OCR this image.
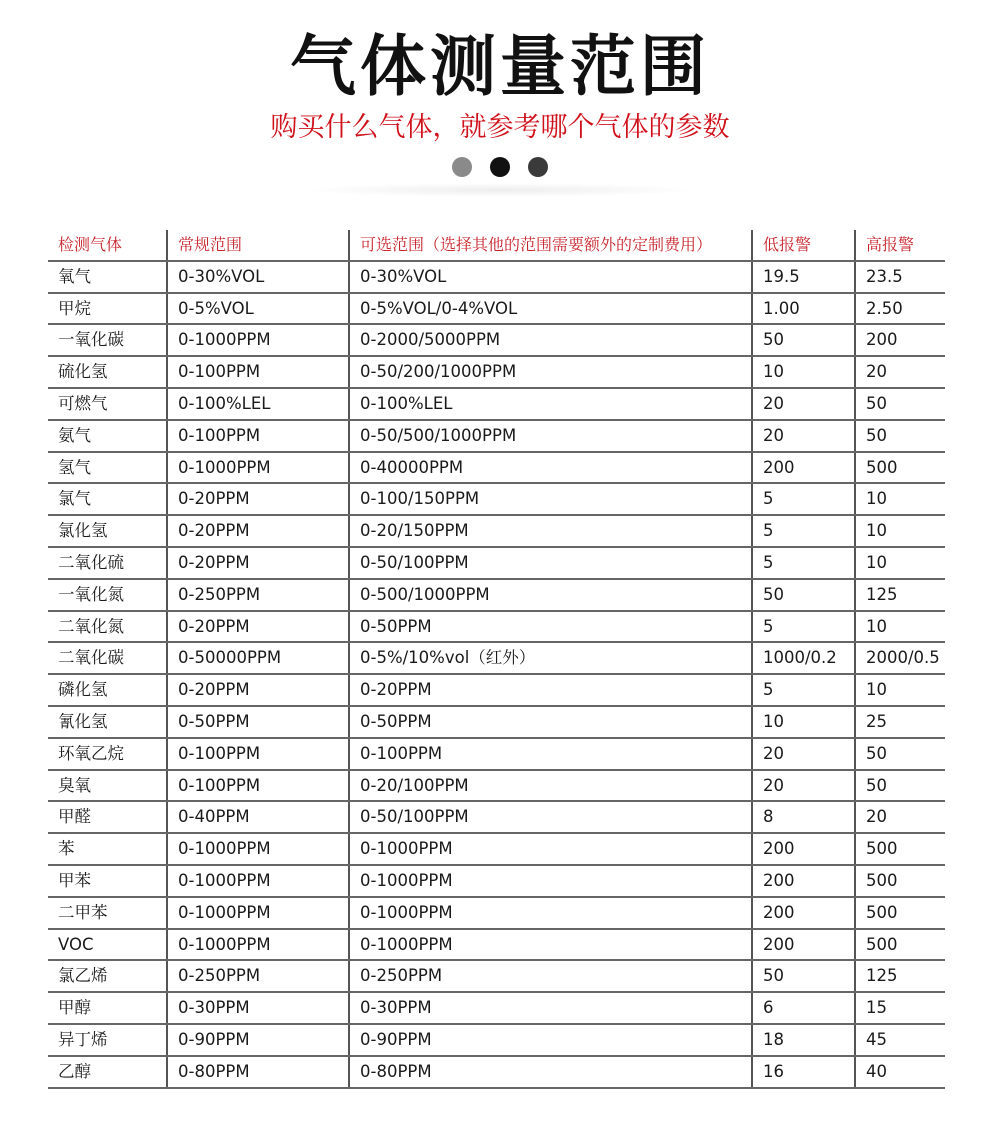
气体测量范围
购买什么气体，就参考哪个气体的参数
检测气体	常规范围	可选范围（选择其他的范围需要额外的定制费用）	低报警	高报警
氧气	0-30%VOL	0-30%VOL	19.5	23.5
甲烷	0-5%VOL	0-5%VOL/0-4%VOL	1.00	2.50
一氧化碳	0-1000PPM	0-2000/5000PPM	50	200
硫化氢	0-100PPM	0-50/200/1000PPM	10	20
可燃气	0-100%LEL	0-100%LEL	20	50
氨气	0-100PPM	0-50/500/1000PPM	20	50
氢气	0-1000PPM	0-40000PPM	200	500
氯气	0-20PPM	0-100/150PPM	5	10
氯化氢	0-20PPM	0-20/150PPM	5	10
二氧化硫	0-20PPM	0-50/100PPM	5	10
一氧化氮	0-250PPM	0-500/1000PPM	50	125
二氧化氮	0-20PPM	0-50PPM	5	10
二氧化碳	0-50000PPM	0-5%/10%vol（红外）	1000/0.2	2000/0.5
磷化氢	0-20PPM	0-20PPM	5	10
氰化氢	0-50PPM	0-50PPM	10	25
环氧乙烷	0-100PPM	0-100PPM	20	50
臭氧	0-100PPM	0-20/100PPM	20	50
甲醛	0-40PPM	0-50/100PPM	8	20
苯	0-1000PPM	0-1000PPM	200	500
甲苯	0-1000PPM	0-1000PPM	200	500
二甲苯	0-1000PPM	0-1000PPM	200	500
VOC	0-1000PPM	0-1000PPM	200	500
氯乙烯	0-250PPM	0-250PPM	50	125
甲醇	0-30PPM	0-30PPM	6	15
异丁烯	0-90PPM	0-90PPM	18	45
乙醇	0-80PPM	0-80PPM	16	40
